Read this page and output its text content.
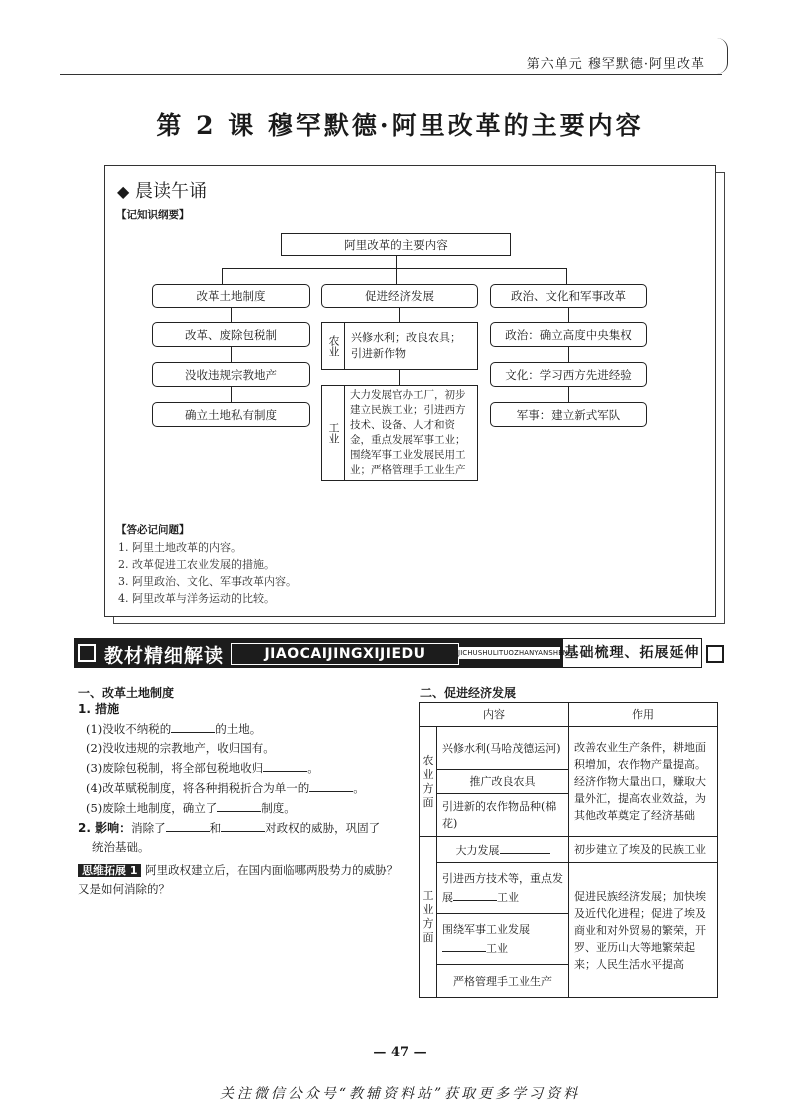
第六单元 穆罕默德·阿里改革
第 2 课 穆罕默德·阿里改革的主要内容
◆ 晨读午诵
【记知识纲要】
阿里改革的主要内容
改革土地制度
改革、废除包税制
没收违规宗教地产
确立土地私有制度
促进经济发展
农业	兴修水利；改良农具；引进新作物
工业
大力发展官办工厂，初步建立民族工业；引进西方技术、设备、人才和资金，重点发展军事工业；围绕军事工业发展民用工业；严格管理手工业生产
政治、文化和军事改革
政治：确立高度中央集权
文化：学习西方先进经验
军事：建立新式军队
【答必记问题】
1. 阿里土地改革的内容。
2. 改革促进工农业发展的措施。
3. 阿里政治、文化、军事改革内容。
4. 阿里改革与洋务运动的比较。
教材精细解读	JIAOCAIJINGXIJIEDU	JICHUSHULITUOZHANYANSHEN
基础梳理、拓展延伸
一、改革土地制度
1. 措施
(1)没收不纳税的	的土地。
(2)没收违规的宗教地产，收归国有。
(3)废除包税制，将全部包税地收归	。
(4)改革赋税制度，将各种捐税折合为单一的	。
(5)废除土地制度，确立了	制度。
2. 影响：消除了	和	对政权的威胁，巩固了
统治基础。
思维拓展 1 阿里政权建立后，在国内面临哪两股势力的威胁？又是如何消除的？
二、促进经济发展
内容		作用
农业方面	兴修水利(马哈茂德运河)	改善农业生产条件，耕地面积增加，农作物产量提高。经济作物大量出口，赚取大量外汇，提高农业效益，为其他改革奠定了经济基础
	推广改良农具	
	引进新的农作物品种(棉花)	
工业方面	大力发展	初步建立了埃及的民族工业
	引进西方技术等，重点发展 工业	促进民族经济发展；加快埃及近代化进程；促进了埃及商业和对外贸易的繁荣，开罗、亚历山大等地繁荣起来；人民生活水平提高
	围绕军事工业发展工业	
	严格管理手工业生产	
— 47 —
关注微信公众号“教辅资料站”获取更多学习资料
